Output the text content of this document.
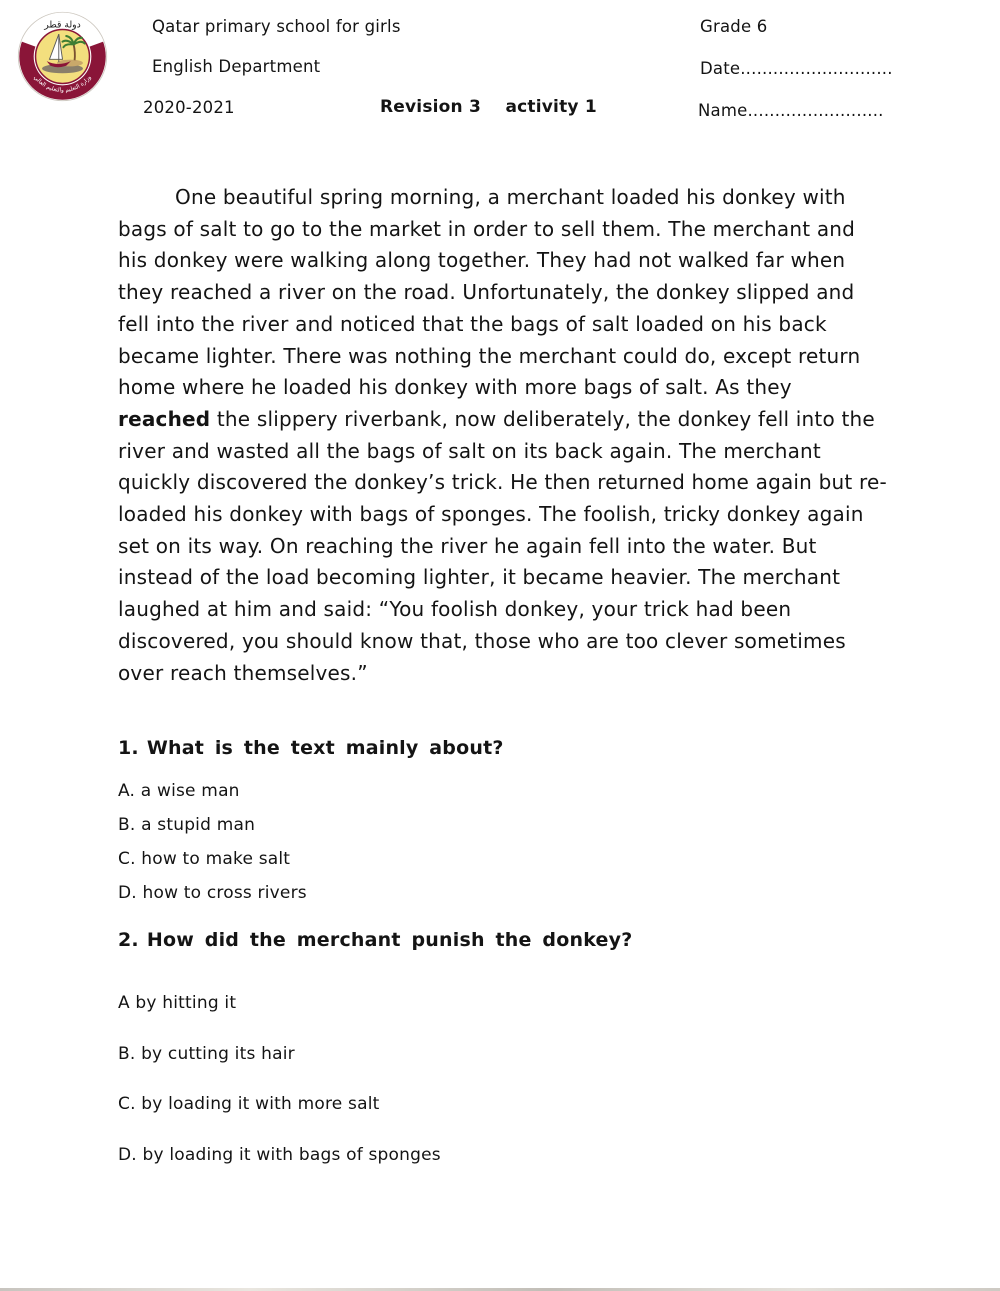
دولة قطر
وزارة التعليم والتعليم العالي
Qatar primary school for girls	Grade 6
English Department	Date............................
2020-2021	Revision 3    activity 1	Name.........................

One beautiful spring morning, a merchant loaded his donkey with bags of salt to go to the market in order to sell them. The merchant and his donkey were walking along together. They had not walked far when they reached a river on the road. Unfortunately, the donkey slipped and fell into the river and noticed that the bags of salt loaded on his back became lighter. There was nothing the merchant could do, except return home where he loaded his donkey with more bags of salt. As they reached the slippery riverbank, now deliberately, the donkey fell into the river and wasted all the bags of salt on its back again. The merchant quickly discovered the donkey’s trick. He then returned home again but re-loaded his donkey with bags of sponges. The foolish, tricky donkey again set on its way. On reaching the river he again fell into the water. But instead of the load becoming lighter, it became heavier. The merchant laughed at him and said: “You foolish donkey, your trick had been discovered, you should know that, those who are too clever sometimes over reach themselves.”

1. What is the text mainly about?
A. a wise man
B. a stupid man
C. how to make salt
D. how to cross rivers
2. How did the merchant punish the donkey?
A by hitting it
B. by cutting its hair
C. by loading it with more salt
D. by loading it with bags of sponges
